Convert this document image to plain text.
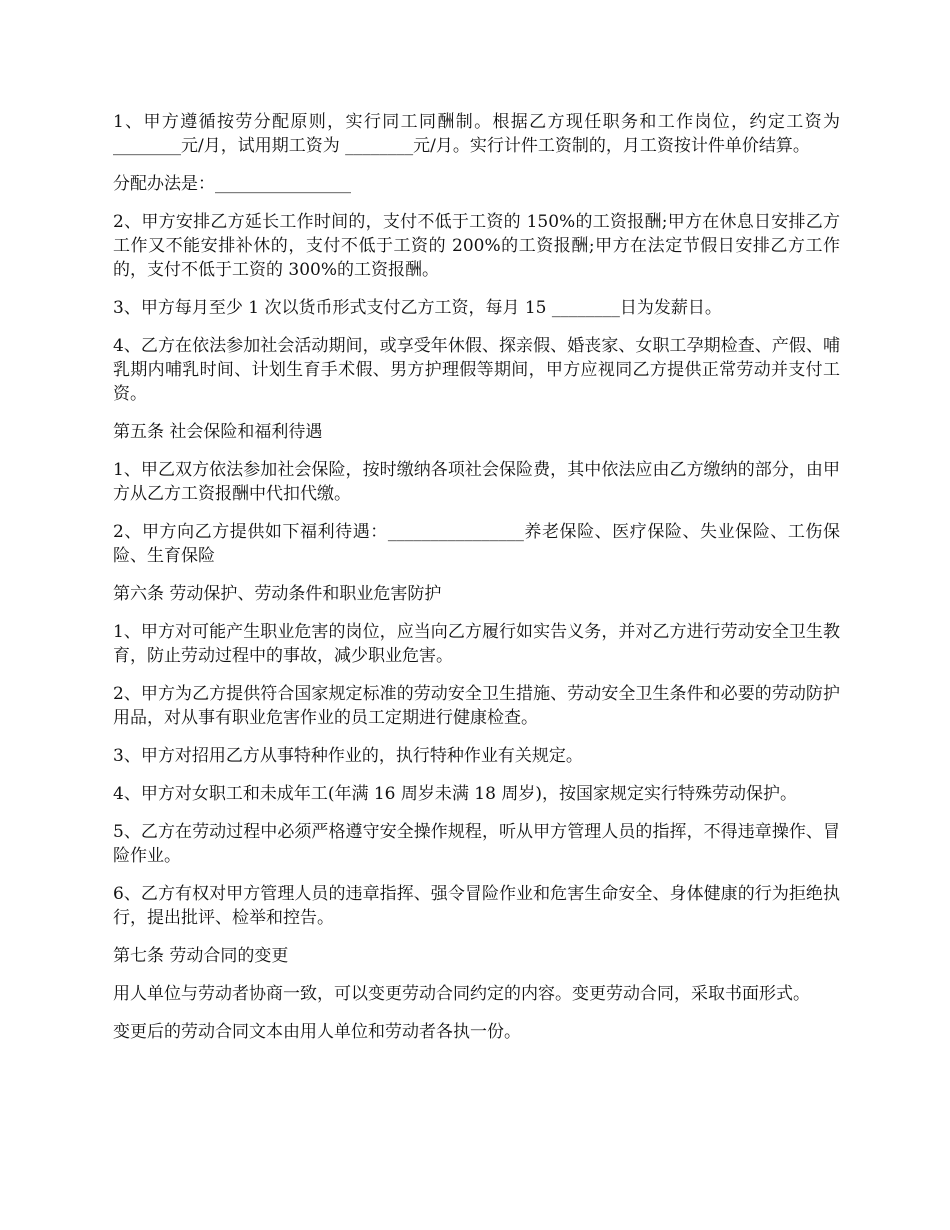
1、甲方遵循按劳分配原则，实行同工同酬制。根据乙方现任职务和工作岗位，约定工资为 ________元/月，试用期工资为 ________元/月。实行计件工资制的，月工资按计件单价结算。

分配办法是：________________

2、甲方安排乙方延长工作时间的，支付不低于工资的 150%的工资报酬;甲方在休息日安排乙方工作又不能安排补休的，支付不低于工资的 200%的工资报酬;甲方在法定节假日安排乙方工作的，支付不低于工资的 300%的工资报酬。

3、甲方每月至少 1 次以货币形式支付乙方工资，每月 15 ________日为发薪日。

4、乙方在依法参加社会活动期间，或享受年休假、探亲假、婚丧家、女职工孕期检查、产假、哺乳期内哺乳时间、计划生育手术假、男方护理假等期间，甲方应视同乙方提供正常劳动并支付工资。

第五条 社会保险和福利待遇

1、甲乙双方依法参加社会保险，按时缴纳各项社会保险费，其中依法应由乙方缴纳的部分，由甲方从乙方工资报酬中代扣代缴。

2、甲方向乙方提供如下福利待遇：________________养老保险、医疗保险、失业保险、工伤保险、生育保险

第六条 劳动保护、劳动条件和职业危害防护

1、甲方对可能产生职业危害的岗位，应当向乙方履行如实告义务，并对乙方进行劳动安全卫生教育，防止劳动过程中的事故，减少职业危害。

2、甲方为乙方提供符合国家规定标准的劳动安全卫生措施、劳动安全卫生条件和必要的劳动防护用品，对从事有职业危害作业的员工定期进行健康检查。

3、甲方对招用乙方从事特种作业的，执行特种作业有关规定。

4、甲方对女职工和未成年工(年满 16 周岁未满 18 周岁)，按国家规定实行特殊劳动保护。

5、乙方在劳动过程中必须严格遵守安全操作规程，听从甲方管理人员的指挥，不得违章操作、冒险作业。

6、乙方有权对甲方管理人员的违章指挥、强令冒险作业和危害生命安全、身体健康的行为拒绝执行，提出批评、检举和控告。

第七条 劳动合同的变更

用人单位与劳动者协商一致，可以变更劳动合同约定的内容。变更劳动合同，采取书面形式。

变更后的劳动合同文本由用人单位和劳动者各执一份。
